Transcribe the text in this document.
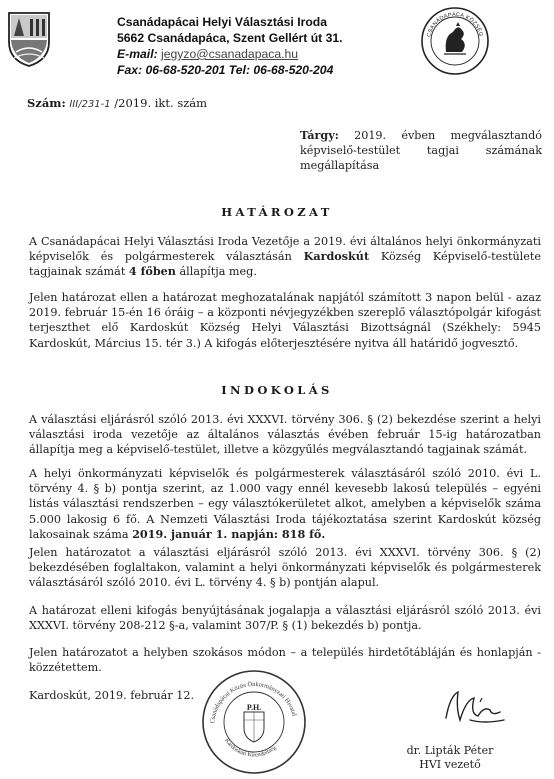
Csanádapácai Helyi Választási Iroda
5662 Csanádapáca, Szent Gellért út 31.
E-mail: jegyzo@csanadapaca.hu
Fax: 06-68-520-201 Tel: 06-68-520-204
CSANÁDAPÁCA KÖZSÉG
Szám: III/231-1 /2019. ikt. szám
Tárgy: 2019. évben megválasztandó képviselő-testület tagjai számának megállapítása
HATÁROZAT
A Csanádapácai Helyi Választási Iroda Vezetője a 2019. évi általános helyi önkormányzati képviselők és polgármesterek választásán Kardoskút Község Képviselő-testülete tagjainak számát 4 főben állapítja meg.
Jelen határozat ellen a határozat meghozatalának napjától számított 3 napon belül - azaz 2019. február 15-én 16 óráig – a központi névjegyzékben szereplő választópolgár kifogást terjeszthet elő Kardoskút Község Helyi Választási Bizottságnál (Székhely: 5945 Kardoskút, Március 15. tér 3.) A kifogás előterjesztésére nyitva áll határidő jogvesztő.
INDOKOLÁS
A választási eljárásról szóló 2013. évi XXXVI. törvény 306. § (2) bekezdése szerint a helyi választási iroda vezetője az általános választás évében február 15-ig határozatban állapítja meg a képviselő-testület, illetve a közgyűlés megválasztandó tagjainak számát.
A helyi önkormányzati képviselők és polgármesterek választásáról szóló 2010. évi L. törvény 4. § b) pontja szerint, az 1.000 vagy ennél kevesebb lakosú település – egyéni listás választási rendszerben – egy választókerületet alkot, amelyben a képviselők száma 5.000 lakosig 6 fő. A Nemzeti Választási Iroda tájékoztatása szerint Kardoskút község lakosainak száma 2019. január 1. napján: 818 fő.
Jelen határozatot a választási eljárásról szóló 2013. évi XXXVI. törvény 306. § (2) bekezdésében foglaltakon, valamint a helyi önkormányzati képviselők és polgármesterek választásáról szóló 2010. évi L. törvény 4. § b) pontján alapul.
A határozat elleni kifogás benyújtásának jogalapja a választási eljárásról szóló 2013. évi XXXVI. törvény 208-212 §-a, valamint 307/P. § (1) bekezdés b) pontja.
Jelen határozatot a helyben szokásos módon – a település hirdetőtábláján és honlapján - közzétettem.
Kardoskút, 2019. február 12.
Csanádapácai Közös Önkormányzati Hivatal
Kardoskúti Kirendeltség
P.H.
dr. Lipták Péter
HVI vezető
